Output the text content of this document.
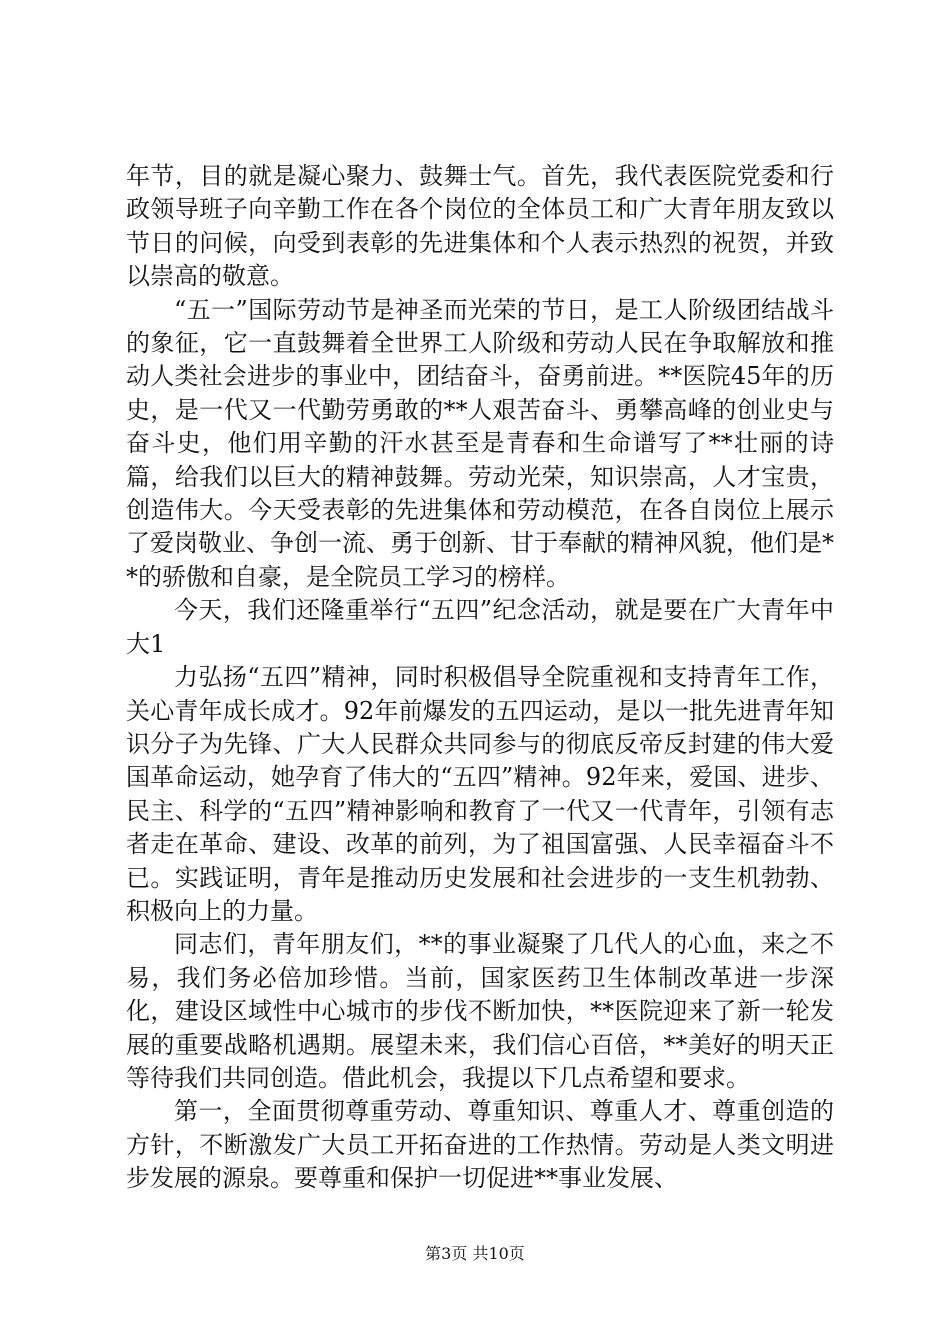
年节，目的就是凝心聚力、鼓舞士气。首先，我代表医院党委和行政领导班子向辛勤工作在各个岗位的全体员工和广大青年朋友致以节日的问候，向受到表彰的先进集体和个人表示热烈的祝贺，并致以崇高的敬意。

“五一”国际劳动节是神圣而光荣的节日，是工人阶级团结战斗的象征，它一直鼓舞着全世界工人阶级和劳动人民在争取解放和推动人类社会进步的事业中，团结奋斗，奋勇前进。**医院45年的历史，是一代又一代勤劳勇敢的**人艰苦奋斗、勇攀高峰的创业史与奋斗史，他们用辛勤的汗水甚至是青春和生命谱写了**壮丽的诗篇，给我们以巨大的精神鼓舞。劳动光荣，知识崇高，人才宝贵，创造伟大。今天受表彰的先进集体和劳动模范，在各自岗位上展示了爱岗敬业、争创一流、勇于创新、甘于奉献的精神风貌，他们是**的骄傲和自豪，是全院员工学习的榜样。

今天，我们还隆重举行“五四”纪念活动，就是要在广大青年中大1

力弘扬“五四”精神，同时积极倡导全院重视和支持青年工作，关心青年成长成才。92年前爆发的五四运动，是以一批先进青年知识分子为先锋、广大人民群众共同参与的彻底反帝反封建的伟大爱国革命运动，她孕育了伟大的“五四”精神。92年来，爱国、进步、民主、科学的“五四”精神影响和教育了一代又一代青年，引领有志者走在革命、建设、改革的前列，为了祖国富强、人民幸福奋斗不已。实践证明，青年是推动历史发展和社会进步的一支生机勃勃、积极向上的力量。

同志们，青年朋友们，**的事业凝聚了几代人的心血，来之不易，我们务必倍加珍惜。当前，国家医药卫生体制改革进一步深化，建设区域性中心城市的步伐不断加快，**医院迎来了新一轮发展的重要战略机遇期。展望未来，我们信心百倍，**美好的明天正等待我们共同创造。借此机会，我提以下几点希望和要求。

第一，全面贯彻尊重劳动、尊重知识、尊重人才、尊重创造的方针，不断激发广大员工开拓奋进的工作热情。劳动是人类文明进步发展的源泉。要尊重和保护一切促进**事业发展、

第3页 共10页
